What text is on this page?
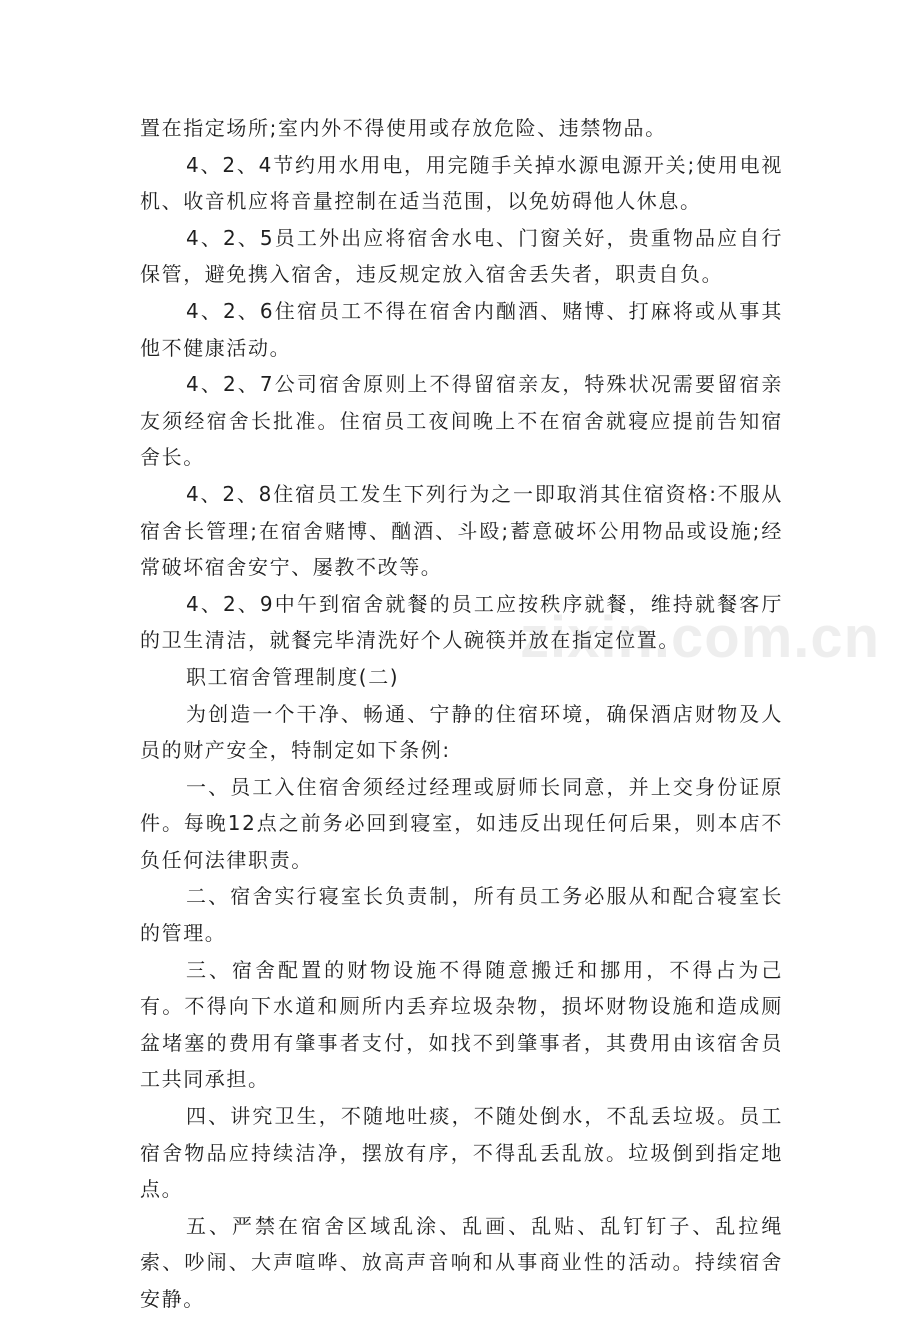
置在指定场所;室内外不得使用或存放危险、违禁物品。

4、2、4节约用水用电，用完随手关掉水源电源开关;使用电视机、收音机应将音量控制在适当范围，以免妨碍他人休息。

4、2、5员工外出应将宿舍水电、门窗关好，贵重物品应自行保管，避免携入宿舍，违反规定放入宿舍丢失者，职责自负。

4、2、6住宿员工不得在宿舍内酗酒、赌博、打麻将或从事其他不健康活动。

4、2、7公司宿舍原则上不得留宿亲友，特殊状况需要留宿亲友须经宿舍长批准。住宿员工夜间晚上不在宿舍就寝应提前告知宿舍长。

4、2、8住宿员工发生下列行为之一即取消其住宿资格:不服从宿舍长管理;在宿舍赌博、酗酒、斗殴;蓄意破坏公用物品或设施;经常破坏宿舍安宁、屡教不改等。

4、2、9中午到宿舍就餐的员工应按秩序就餐，维持就餐客厅的卫生清洁，就餐完毕清洗好个人碗筷并放在指定位置。

职工宿舍管理制度(二)

为创造一个干净、畅通、宁静的住宿环境，确保酒店财物及人员的财产安全，特制定如下条例:

一、员工入住宿舍须经过经理或厨师长同意，并上交身份证原件。每晚12点之前务必回到寝室，如违反出现任何后果，则本店不负任何法律职责。

二、宿舍实行寝室长负责制，所有员工务必服从和配合寝室长的管理。

三、宿舍配置的财物设施不得随意搬迁和挪用，不得占为己有。不得向下水道和厕所内丢弃垃圾杂物，损坏财物设施和造成厕盆堵塞的费用有肇事者支付，如找不到肇事者，其费用由该宿舍员工共同承担。

四、讲究卫生，不随地吐痰，不随处倒水，不乱丢垃圾。员工宿舍物品应持续洁净，摆放有序，不得乱丢乱放。垃圾倒到指定地点。

五、严禁在宿舍区域乱涂、乱画、乱贴、乱钉钉子、乱拉绳索、吵闹、大声喧哗、放高声音响和从事商业性的活动。持续宿舍安静。

zixin.com.cn
